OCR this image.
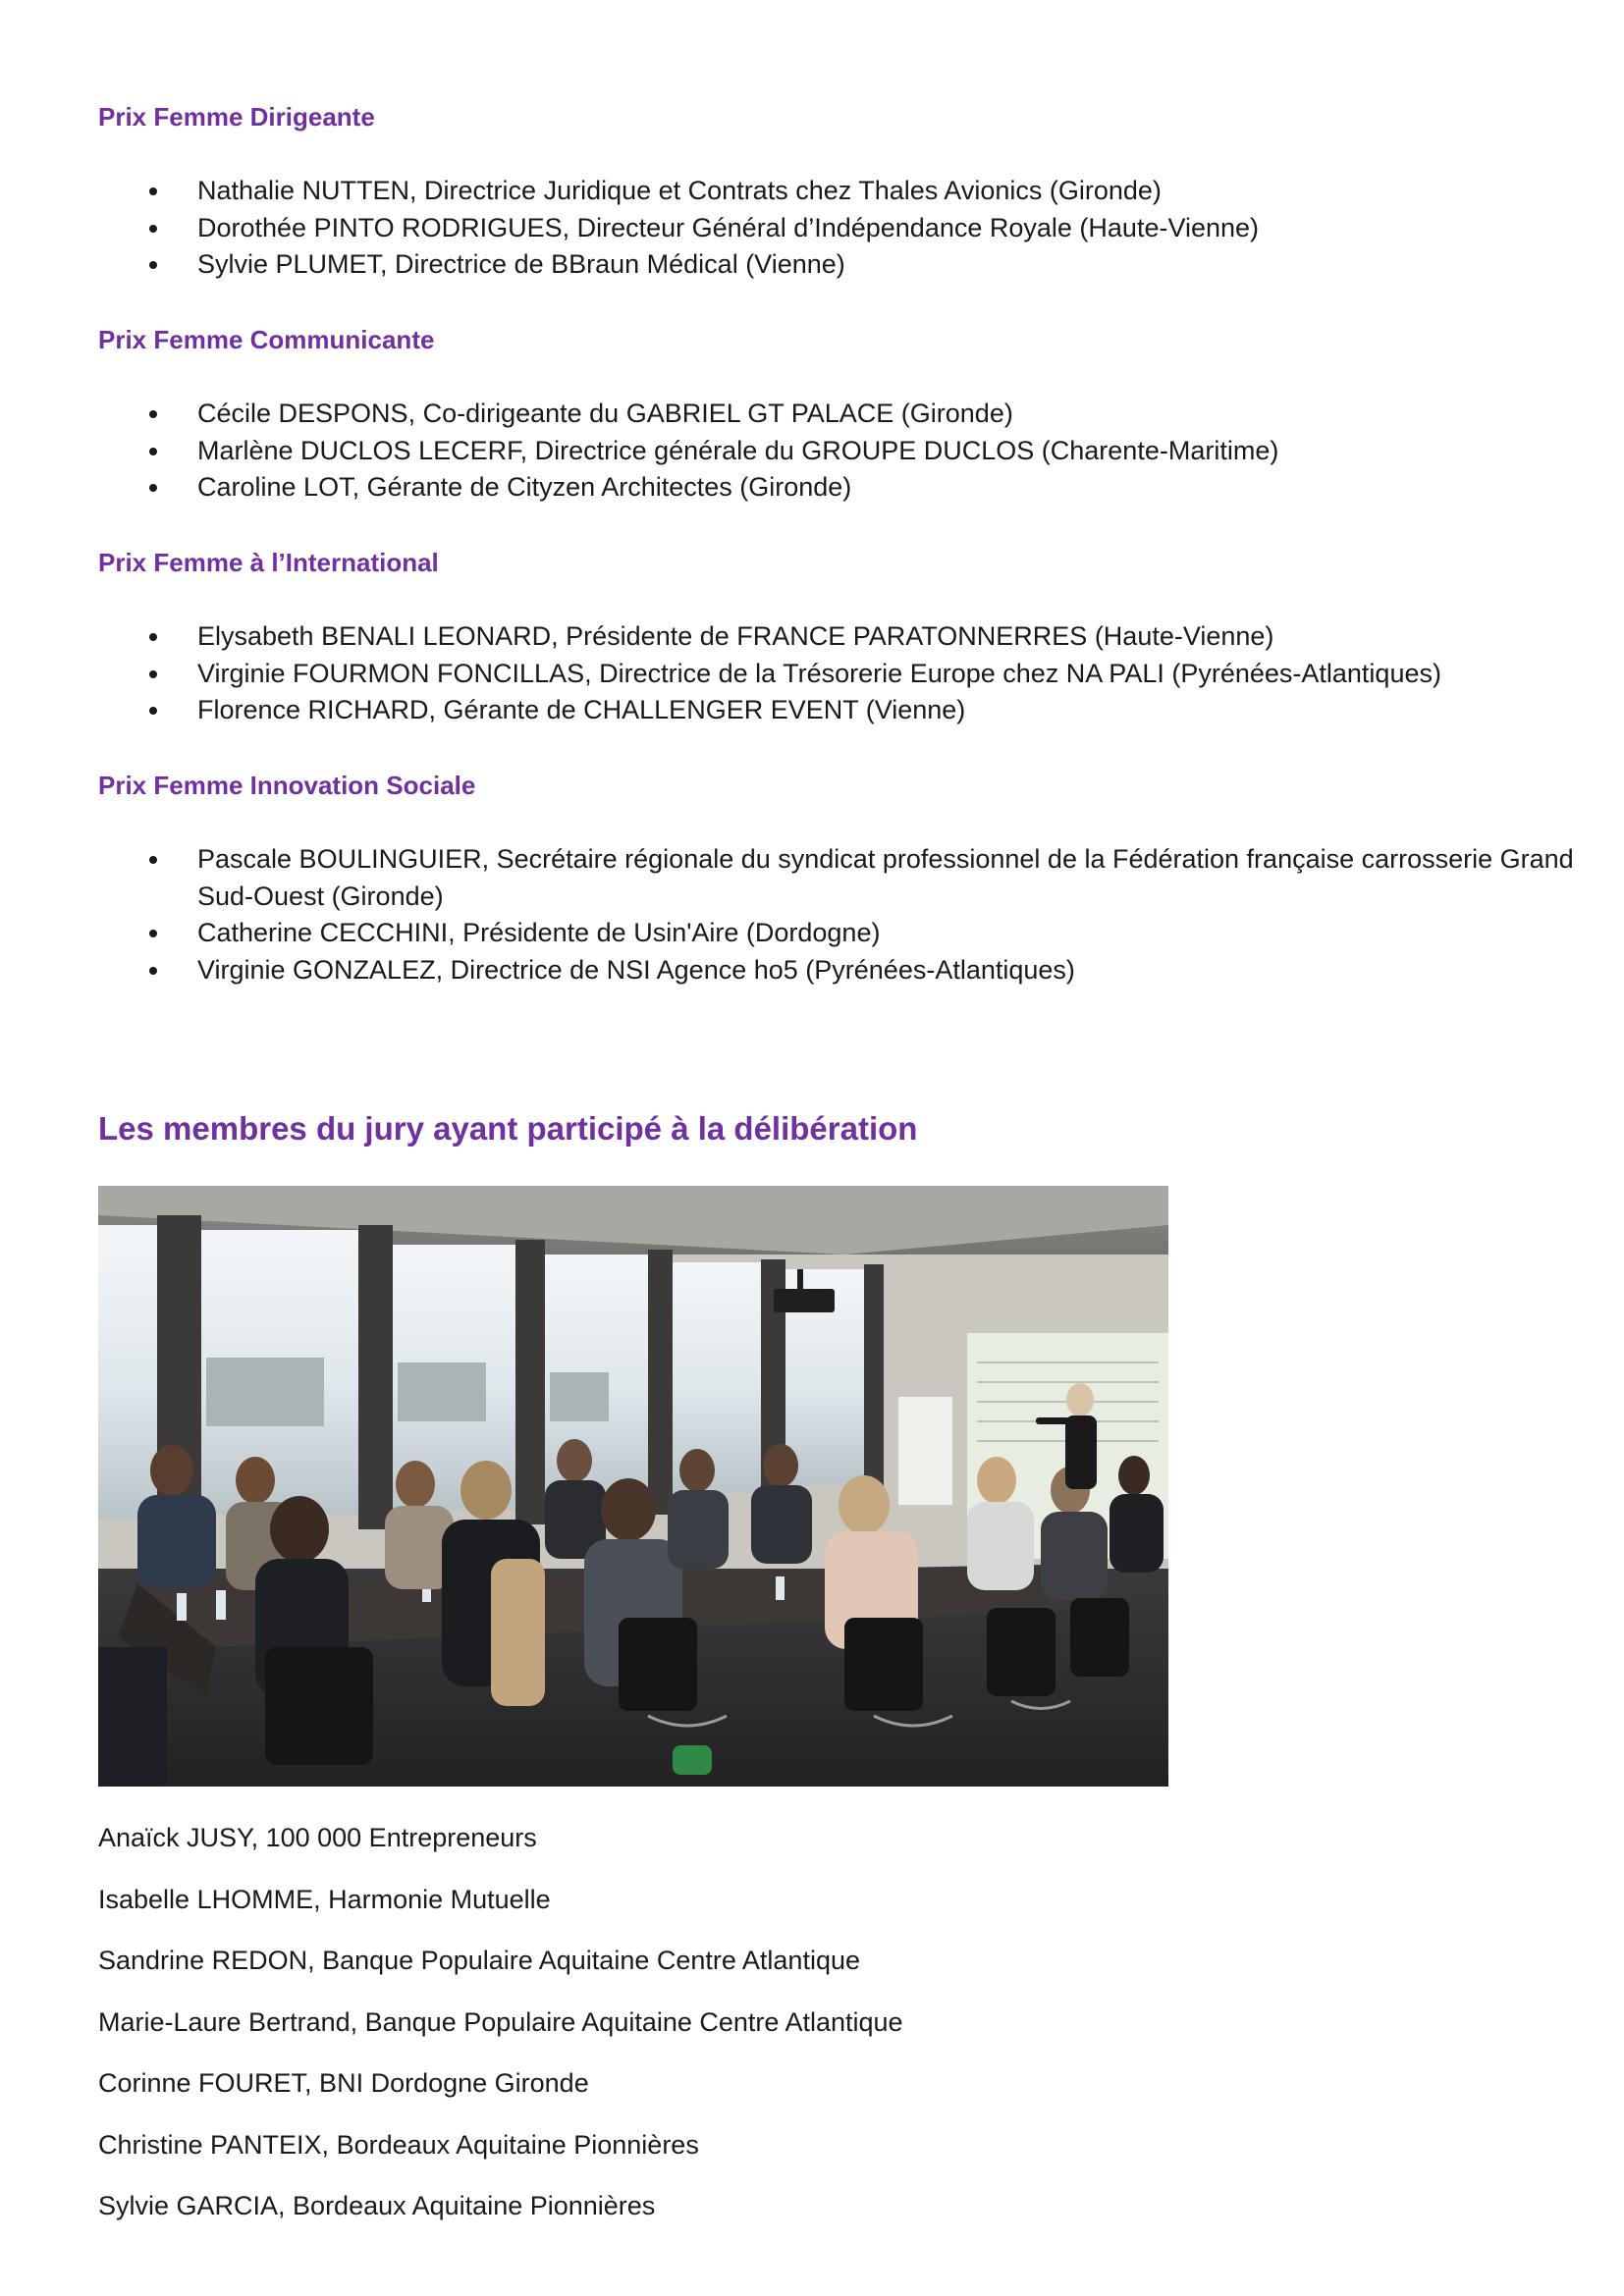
Prix Femme Dirigeante
Nathalie NUTTEN, Directrice Juridique et Contrats chez Thales Avionics (Gironde)
Dorothée PINTO RODRIGUES, Directeur Général d’Indépendance Royale (Haute-Vienne)
Sylvie PLUMET, Directrice de BBraun Médical (Vienne)
Prix Femme Communicante
Cécile DESPONS, Co-dirigeante du GABRIEL GT PALACE (Gironde)
Marlène DUCLOS LECERF, Directrice générale du GROUPE DUCLOS (Charente-Maritime)
Caroline LOT, Gérante de Cityzen Architectes (Gironde)
Prix Femme à l’International
Elysabeth BENALI LEONARD, Présidente de FRANCE PARATONNERRES (Haute-Vienne)
Virginie FOURMON FONCILLAS, Directrice de la Trésorerie Europe chez NA PALI (Pyrénées-Atlantiques)
Florence RICHARD, Gérante de CHALLENGER EVENT (Vienne)
Prix Femme Innovation Sociale
Pascale BOULINGUIER, Secrétaire régionale du syndicat professionnel de la Fédération française carrosserie Grand Sud-Ouest (Gironde)
Catherine CECCHINI, Présidente de Usin'Aire (Dordogne)
Virginie GONZALEZ, Directrice de NSI Agence ho5 (Pyrénées-Atlantiques)
Les membres du jury ayant participé à la délibération
Anaïck JUSY, 100 000 Entrepreneurs
Isabelle LHOMME, Harmonie Mutuelle
Sandrine REDON, Banque Populaire Aquitaine Centre Atlantique
Marie-Laure Bertrand, Banque Populaire Aquitaine Centre Atlantique
Corinne FOURET, BNI Dordogne Gironde
Christine PANTEIX, Bordeaux Aquitaine Pionnières
Sylvie GARCIA, Bordeaux Aquitaine Pionnières
